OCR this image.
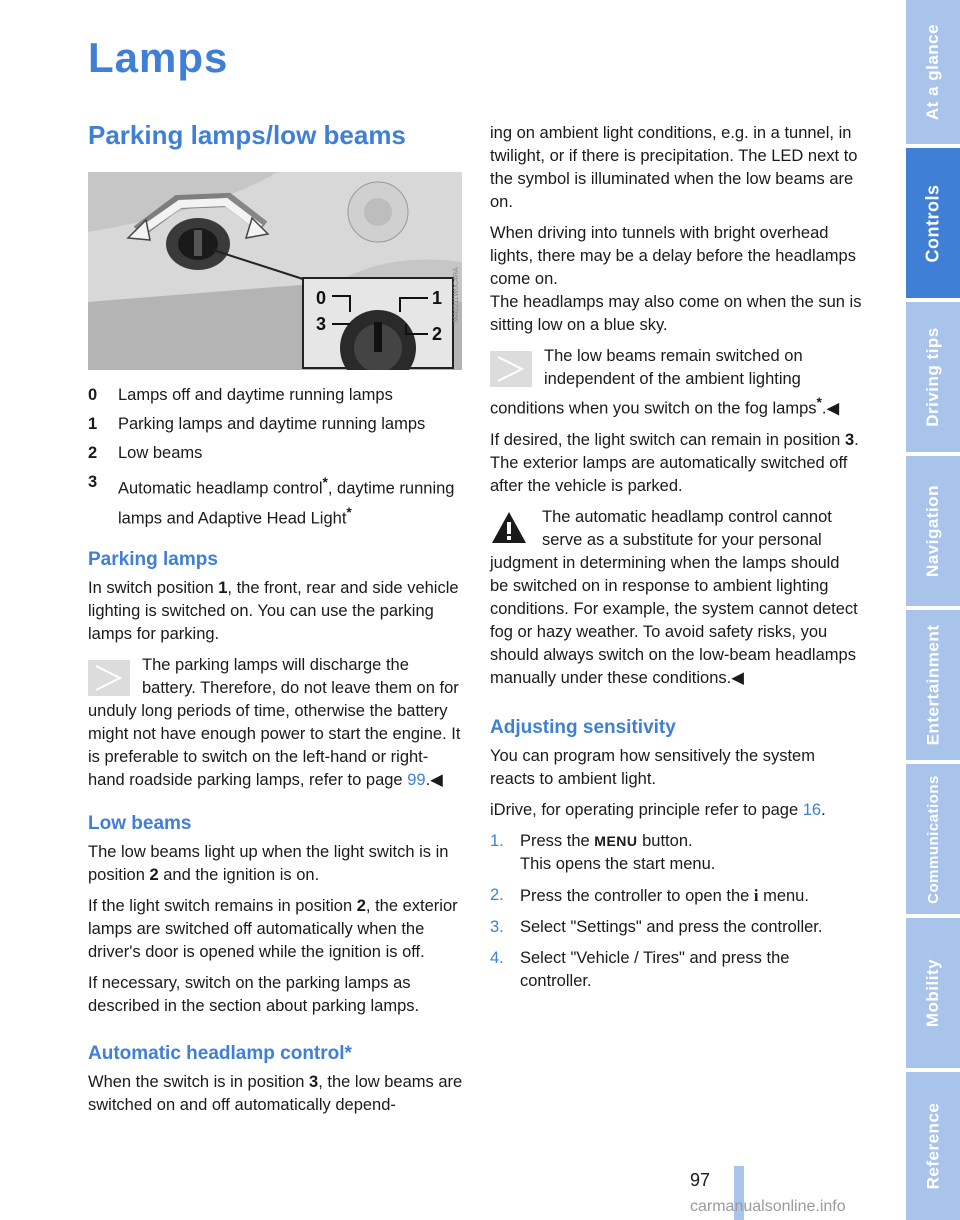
Lamps
Parking lamps/low beams
0	1
3	2
MA0211W0C4RA
0	Lamps off and daytime running lamps
1	Parking lamps and daytime running lamps
2	Low beams
3	Automatic headlamp control*, daytime running lamps and Adaptive Head Light*
Parking lamps

In switch position 1, the front, rear and side vehicle lighting is switched on. You can use the parking lamps for parking.

The parking lamps will discharge the battery. Therefore, do not leave them on for unduly long periods of time, otherwise the battery might not have enough power to start the engine. It is preferable to switch on the left-hand or right-hand roadside parking lamps, refer to page 99.◀
Low beams

The low beams light up when the light switch is in position 2 and the ignition is on.

If the light switch remains in position 2, the exterior lamps are switched off automatically when the driver's door is opened while the ignition is off.

If necessary, switch on the parking lamps as described in the section about parking lamps.

Automatic headlamp control*

When the switch is in position 3, the low beams are switched on and off automatically depend-

ing on ambient light conditions, e.g. in a tunnel, in twilight, or if there is precipitation. The LED next to the symbol is illuminated when the low beams are on.

When driving into tunnels with bright overhead lights, there may be a delay before the headlamps come on.

The headlamps may also come on when the sun is sitting low on a blue sky.

The low beams remain switched on independent of the ambient lighting conditions when you switch on the fog lamps*.◀

If desired, the light switch can remain in position 3. The exterior lamps are automatically switched off after the vehicle is parked.

The automatic headlamp control cannot serve as a substitute for your personal judgment in determining when the lamps should be switched on in response to ambient lighting conditions. For example, the system cannot detect fog or hazy weather. To avoid safety risks, you should always switch on the low-beam headlamps manually under these conditions.◀
Adjusting sensitivity

You can program how sensitively the system reacts to ambient light.

iDrive, for operating principle refer to page 16.

1. Press the MENU button.
This opens the start menu.
2. Press the controller to open the i menu.
3. Select "Settings" and press the controller.
4. Select "Vehicle / Tires" and press the controller.
At a glance
Controls
Driving tips
Navigation
Entertainment
Communications
Mobility
Reference
97
carmanualsonline.info
